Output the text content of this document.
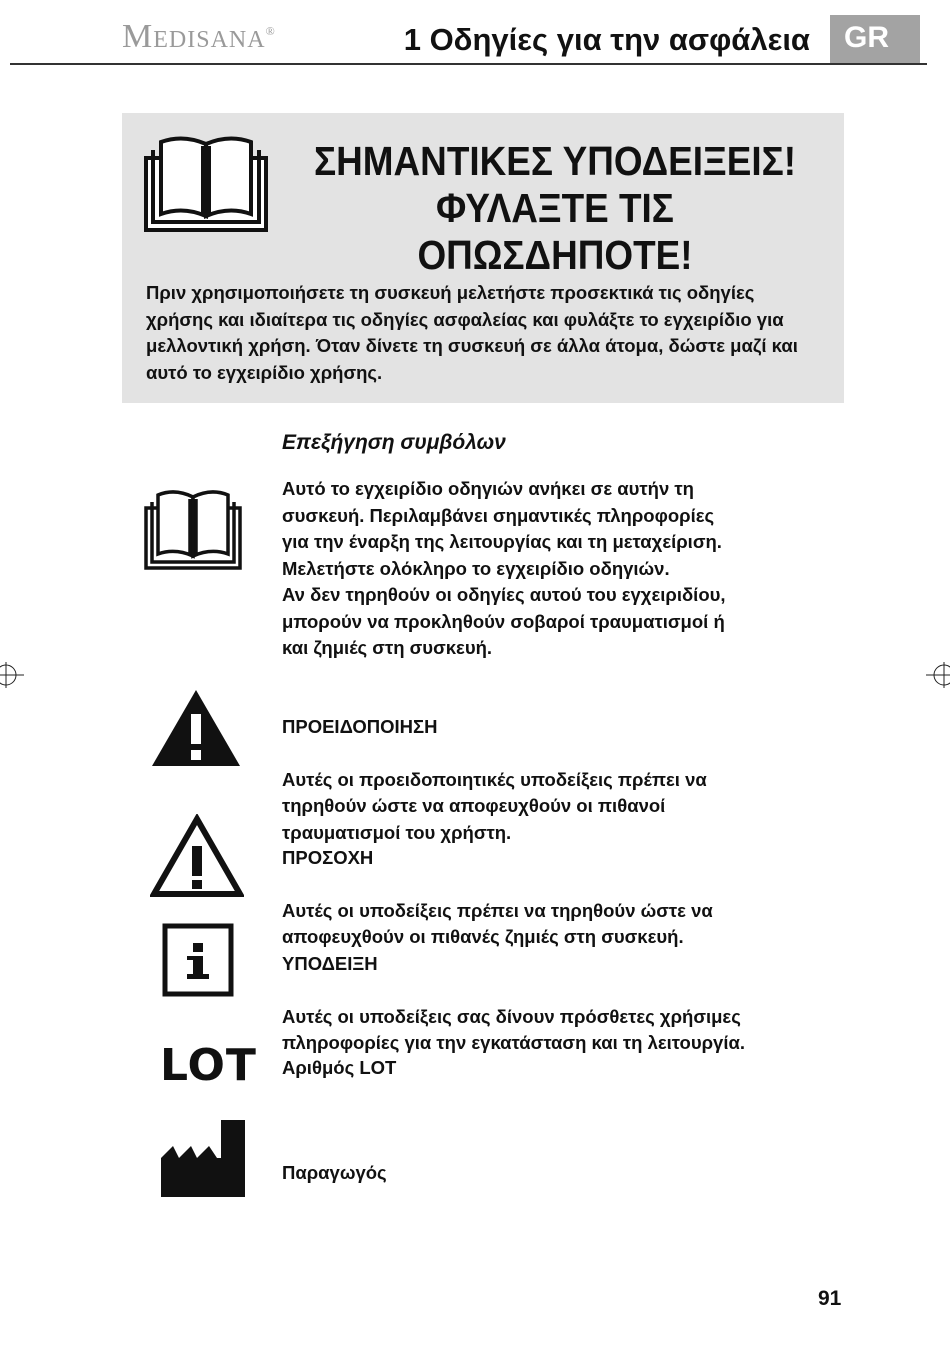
Medisana®	1 Οδηγίες για την ασφάλεια	GR
ΣΗΜΑΝΤΙΚΕΣ ΥΠΟΔΕΙΞΕΙΣ!
ΦΥΛΑΞΤΕ ΤΙΣ
ΟΠΩΣΔΗΠΟΤΕ!
Πριν χρησιμοποιήσετε τη συσκευή μελετήστε προσεκτικά τις οδηγίες χρήσης και ιδιαίτερα τις οδηγίες ασφαλείας και φυλάξτε το εγχειρίδιο για μελλοντική χρήση. Όταν δίνετε τη συσκευή σε άλλα άτομα, δώστε μαζί και αυτό το εγχειρίδιο χρήσης.
Επεξήγηση συμβόλων
Αυτό το εγχειρίδιο οδηγιών ανήκει σε αυτήν τη
συσκευή. Περιλαμβάνει σημαντικές πληροφορίες
για την έναρξη της λειτουργίας και τη μεταχείριση.
Μελετήστε ολόκληρο το εγχειρίδιο οδηγιών.
Αν δεν τηρηθούν οι οδηγίες αυτού του εγχειριδίου,
μπορούν να προκληθούν σοβαροί τραυματισμοί ή
και ζημιές στη συσκευή.

ΠΡΟΕΙΔΟΠΟΙΗΣΗ

Αυτές οι προειδοποιητικές υποδείξεις πρέπει να
τηρηθούν ώστε να αποφευχθούν οι πιθανοί
τραυματισμοί του χρήστη.

ΠΡΟΣΟΧΗ

Αυτές οι υποδείξεις πρέπει να τηρηθούν ώστε να
αποφευχθούν οι πιθανές ζημιές στη συσκευή.

ΥΠΟΔΕΙΞΗ

Αυτές οι υποδείξεις σας δίνουν πρόσθετες χρήσιμες
πληροφορίες για την εγκατάσταση και τη λειτουργία.

LOT Αριθμός LOT
Παραγωγός
91
